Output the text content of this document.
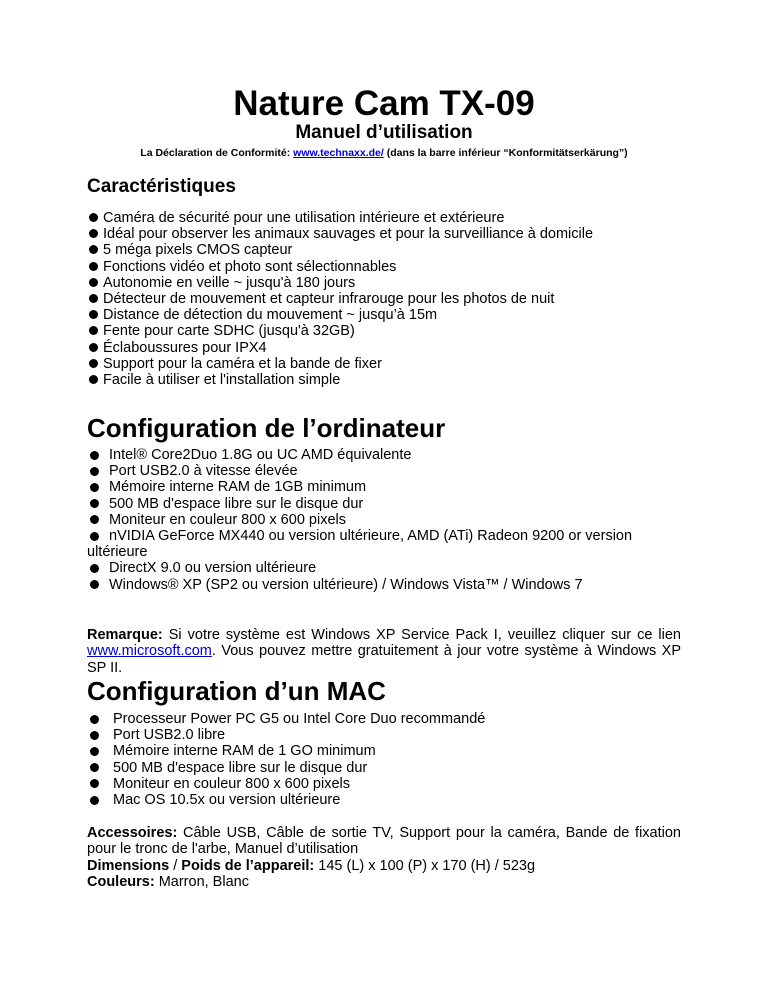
Nature Cam TX-09
Manuel d’utilisation
La Déclaration de Conformité: www.technaxx.de/ (dans la barre inférieur “Konformitätserkärung”)
Caractéristiques
Caméra de sécurité pour une utilisation intérieure et extérieure
Idéal pour observer les animaux sauvages et pour la surveilliance à domicile
5 méga pixels CMOS capteur
Fonctions vidéo et photo sont sélectionnables
Autonomie en veille ~ jusqu'à 180 jours
Détecteur de mouvement et capteur infrarouge pour les photos de nuit
Distance de détection du mouvement ~ jusqu’à 15m
Fente pour carte SDHC (jusqu'à 32GB)
Éclaboussures pour IPX4
Support pour la caméra et la bande de fixer
Facile à utiliser et l'installation simple
Configuration de l’ordinateur
Intel® Core2Duo 1.8G ou UC AMD équivalente
Port USB2.0 à vitesse élevée
Mémoire interne RAM de 1GB minimum
500 MB d'espace libre sur le disque dur
Moniteur en couleur 800 x 600 pixels
nVIDIA GeForce MX440 ou version ultérieure, AMD (ATi) Radeon 9200 or version ultérieure
DirectX 9.0 ou version ultérieure
Windows® XP (SP2 ou version ultérieure) / Windows Vista™ / Windows 7
Remarque: Si votre système est Windows XP Service Pack I, veuillez cliquer sur ce lien www.microsoft.com. Vous pouvez mettre gratuitement à jour votre système à Windows XP SP II.
Configuration d’un MAC
Processeur Power PC G5 ou Intel Core Duo recommandé
Port USB2.0 libre
Mémoire interne RAM de 1 GO minimum
500 MB d'espace libre sur le disque dur
Moniteur en couleur 800 x 600 pixels
Mac OS 10.5x ou version ultérieure
Accessoires: Câble USB, Câble de sortie TV, Support pour la caméra, Bande de fixation pour le tronc de l'arbe, Manuel d’utilisation
Dimensions / Poids de l’appareil: 145 (L) x 100 (P) x 170 (H) / 523g
Couleurs: Marron, Blanc
